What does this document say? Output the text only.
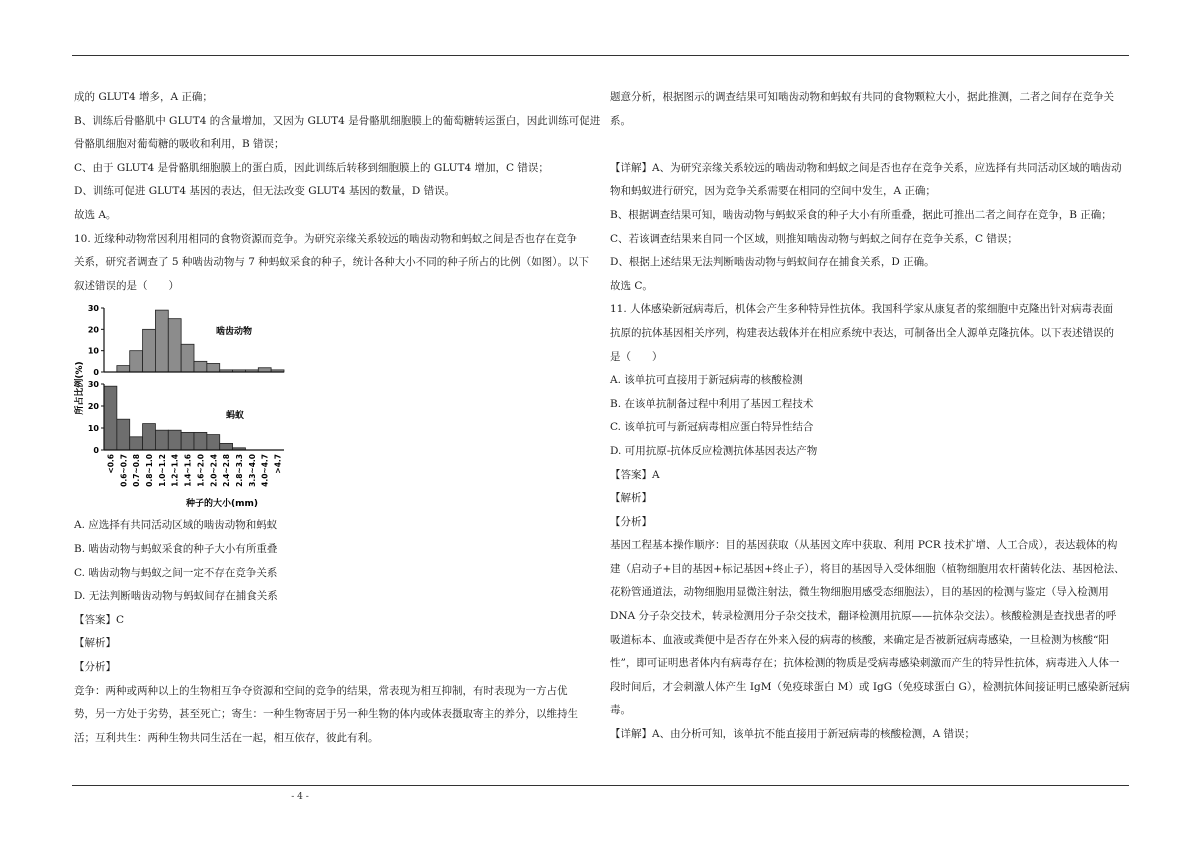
成的 GLUT4 增多，A 正确；

B、训练后骨骼肌中 GLUT4 的含量增加，又因为 GLUT4 是骨骼肌细胞膜上的葡萄糖转运蛋白，因此训练可促进

骨骼肌细胞对葡萄糖的吸收和利用，B 错误；

C、由于 GLUT4 是骨骼肌细胞膜上的蛋白质，因此训练后转移到细胞膜上的 GLUT4 增加，C 错误；

D、训练可促进 GLUT4 基因的表达，但无法改变 GLUT4 基因的数量，D 错误。

故选 A。

10. 近缘种动物常因利用相同的食物资源而竞争。为研究亲缘关系较远的啮齿动物和蚂蚁之间是否也存在竞争

关系，研究者调查了 5 种啮齿动物与 7 种蚂蚁采食的种子，统计各种大小不同的种子所占的比例（如图）。以下

叙述错误的是（　　）

所占比例(%)
种子的大小(mm)
0
10
20
30
啮齿动物
0
10
20
30
蚂蚁
<0.6 0.6~0.7 0.7~0.8 0.8~1.0 1.0~1.2 1.2~1.4 1.4~1.6 1.6~2.0 2.0~2.4 2.4~2.8 2.8~3.3 3.3~4.0 4.0~4.7 >4.7

A. 应选择有共同活动区域的啮齿动物和蚂蚁

B. 啮齿动物与蚂蚁采食的种子大小有所重叠

C. 啮齿动物与蚂蚁之间一定不存在竞争关系

D. 无法判断啮齿动物与蚂蚁间存在捕食关系

【答案】C

【解析】

【分析】

竞争：两种或两种以上的生物相互争夺资源和空间的竞争的结果，常表现为相互抑制，有时表现为一方占优

势，另一方处于劣势，甚至死亡；寄生：一种生物寄居于另一种生物的体内或体表摄取寄主的养分，以维持生

活；互利共生：两种生物共同生活在一起，相互依存，彼此有利。

题意分析，根据图示的调查结果可知啮齿动物和蚂蚁有共同的食物颗粒大小，据此推测，二者之间存在竞争关

系。

【详解】A、为研究亲缘关系较远的啮齿动物和蚂蚁之间是否也存在竞争关系，应选择有共同活动区域的啮齿动

物和蚂蚁进行研究，因为竞争关系需要在相同的空间中发生，A 正确；

B、根据调查结果可知，啮齿动物与蚂蚁采食的种子大小有所重叠，据此可推出二者之间存在竞争，B 正确；

C、若该调查结果来自同一个区域，则推知啮齿动物与蚂蚁之间存在竞争关系，C 错误；

D、根据上述结果无法判断啮齿动物与蚂蚁间存在捕食关系，D 正确。

故选 C。

11. 人体感染新冠病毒后，机体会产生多种特异性抗体。我国科学家从康复者的浆细胞中克隆出针对病毒表面

抗原的抗体基因相关序列，构建表达载体并在相应系统中表达，可制备出全人源单克隆抗体。以下表述错误的

是（　　）

A. 该单抗可直接用于新冠病毒的核酸检测

B. 在该单抗制备过程中利用了基因工程技术

C. 该单抗可与新冠病毒相应蛋白特异性结合

D. 可用抗原-抗体反应检测抗体基因表达产物

【答案】A

【解析】

【分析】

基因工程基本操作顺序：目的基因获取（从基因文库中获取、利用 PCR 技术扩增、人工合成），表达载体的构

建（启动子+目的基因+标记基因+终止子），将目的基因导入受体细胞（植物细胞用农杆菌转化法、基因枪法、

花粉管通道法，动物细胞用显微注射法，微生物细胞用感受态细胞法），目的基因的检测与鉴定（导入检测用

DNA 分子杂交技术，转录检测用分子杂交技术，翻译检测用抗原——抗体杂交法）。核酸检测是查找患者的呼

吸道标本、血液或粪便中是否存在外来入侵的病毒的核酸，来确定是否被新冠病毒感染，一旦检测为核酸“阳

性”，即可证明患者体内有病毒存在；抗体检测的物质是受病毒感染刺激而产生的特异性抗体，病毒进入人体一

段时间后，才会刺激人体产生 IgM（免疫球蛋白 M）或 IgG（免疫球蛋白 G），检测抗体间接证明已感染新冠病

毒。

【详解】A、由分析可知，该单抗不能直接用于新冠病毒的核酸检测，A 错误；

- 4 -
